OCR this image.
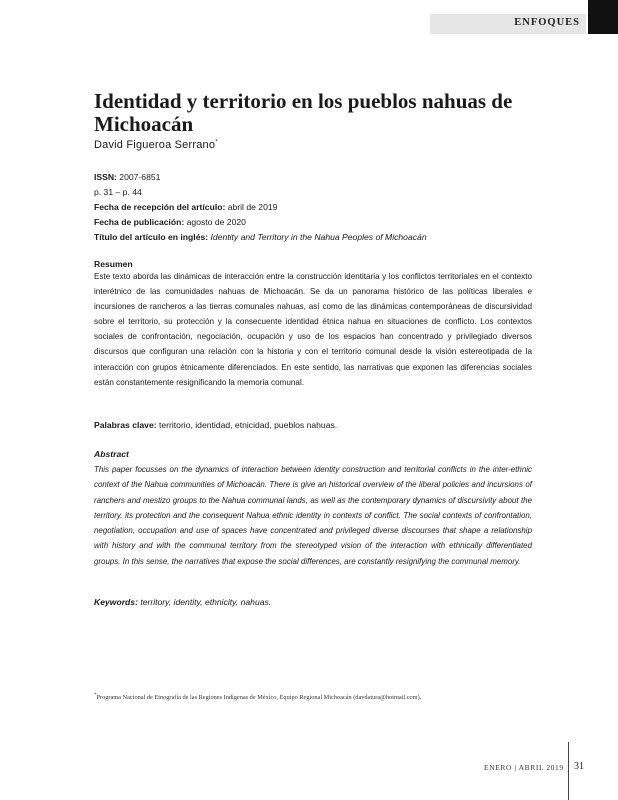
ENFOQUES
Identidad y territorio en los pueblos nahuas de Michoacán
David Figueroa Serrano*
ISSN: 2007-6851
p. 31 – p. 44
Fecha de recepción del artículo: abril de 2019
Fecha de publicación: agosto de 2020
Título del artículo en inglés: Identity and Territory in the Nahua Peoples of Michoacán
Resumen

Este texto aborda las dinámicas de interacción entre la construcción identitaria y los conflictos territoriales en el contexto interétnico de las comunidades nahuas de Michoacán. Se da un panorama histórico de las políticas liberales e incursiones de rancheros a las tierras comunales nahuas, así como de las dinámicas contemporáneas de discursividad sobre el territorio, su protección y la consecuente identidad étnica nahua en situaciones de conflicto. Los contextos sociales de confrontación, negociación, ocupación y uso de los espacios han concentrado y privilegiado diversos discursos que configuran una relación con la historia y con el territorio comunal desde la visión estereotipada de la interacción con grupos étnicamente diferenciados. En este sentido, las narrativas que exponen las diferencias sociales están constantemente resignificando la memoria comunal.

Palabras clave: territorio, identidad, etnicidad, pueblos nahuas.
Abstract

This paper focusses on the dynamics of interaction between identity construction and territorial conflicts in the inter-ethnic context of the Nahua communities of Michoacán. There is give an historical overview of the liberal policies and incursions of ranchers and mestizo groups to the Nahua communal lands, as well as the contemporary dynamics of discursivity about the territory, its protection and the consequent Nahua ethnic identity in contexts of conflict. The social contexts of confrontation, negotiation, occupation and use of spaces have concentrated and privileged diverse discourses that shape a relationship with history and with the communal territory from the stereotyped vision of the interaction with ethnically differentiated groups. In this sense, the narratives that expose the social differences, are constantly resignifying the communal memory.

Keywords: territory, identity, ethnicity, nahuas.
*Programa Nacional de Etnografía de las Regiones Indígenas de México, Equipo Regional Michoacán (davdatura@hotmail.com).
ENERO | ABRIL 2019 31
